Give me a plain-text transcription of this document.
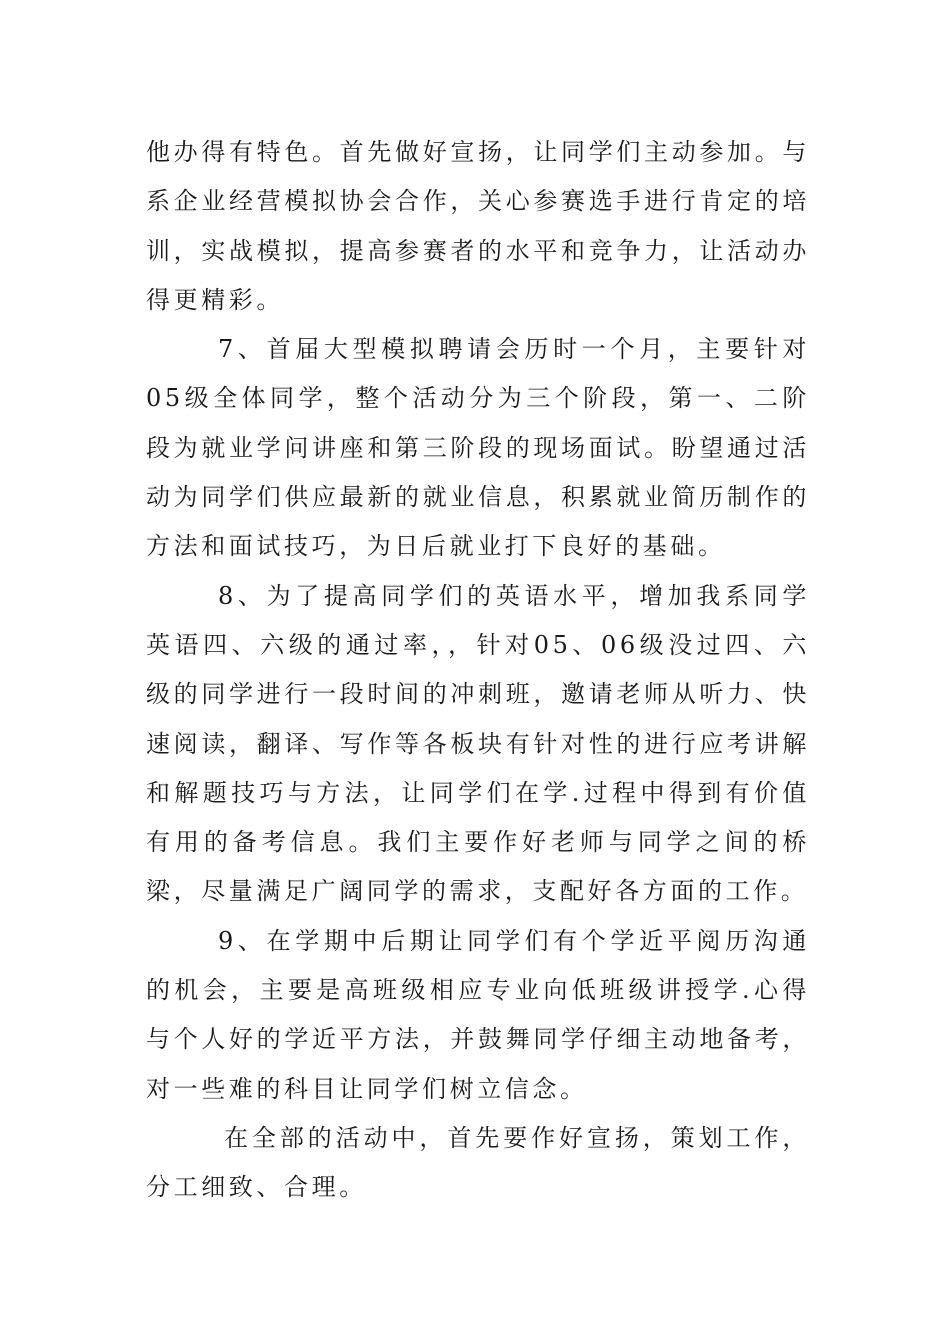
他办得有特色。首先做好宣扬，让同学们主动参加。与系企业经营模拟协会合作，关心参赛选手进行肯定的培训，实战模拟，提高参赛者的水平和竞争力，让活动办得更精彩。

7、首届大型模拟聘请会历时一个月，主要针对05级全体同学，整个活动分为三个阶段，第一、二阶段为就业学问讲座和第三阶段的现场面试。盼望通过活动为同学们供应最新的就业信息，积累就业简历制作的方法和面试技巧，为日后就业打下良好的基础。

8、为了提高同学们的英语水平，增加我系同学英语四、六级的通过率，，针对05、06级没过四、六级的同学进行一段时间的冲刺班，邀请老师从听力、快速阅读，翻译、写作等各板块有针对性的进行应考讲解和解题技巧与方法，让同学们在学.过程中得到有价值有用的备考信息。我们主要作好老师与同学之间的桥梁，尽量满足广阔同学的需求，支配好各方面的工作。

9、在学期中后期让同学们有个学近平阅历沟通的机会，主要是高班级相应专业向低班级讲授学.心得与个人好的学近平方法，并鼓舞同学仔细主动地备考，对一些难的科目让同学们树立信念。

在全部的活动中，首先要作好宣扬，策划工作，分工细致、合理。
